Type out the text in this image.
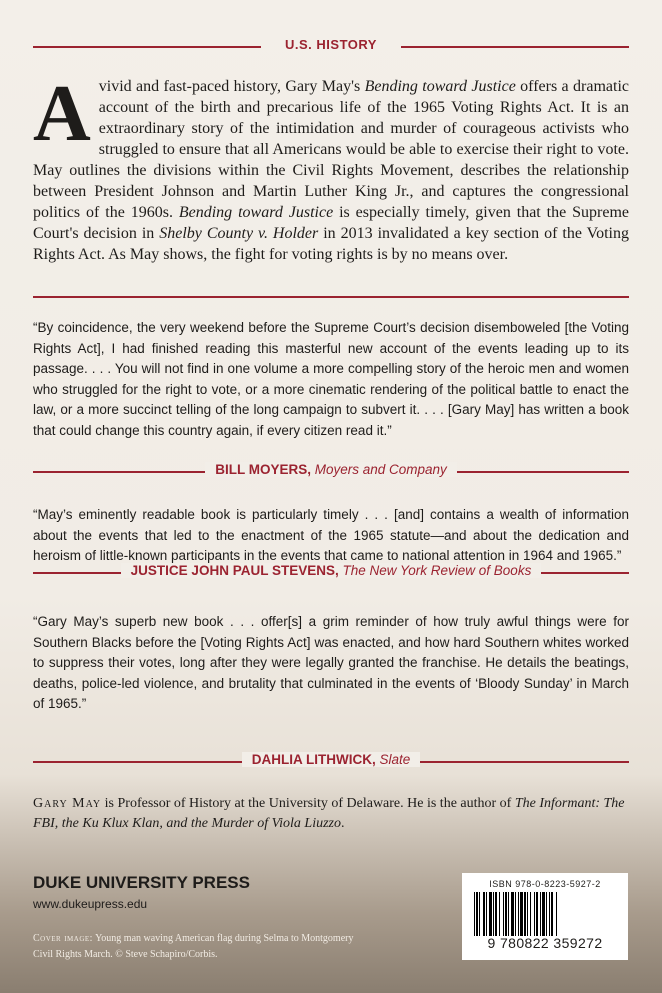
U.S. HISTORY
A vivid and fast-paced history, Gary May's Bending toward Justice offers a dramatic account of the birth and precarious life of the 1965 Voting Rights Act. It is an extraordinary story of the intimidation and murder of courageous activists who struggled to ensure that all Americans would be able to exercise their right to vote. May outlines the divisions within the Civil Rights Movement, describes the relationship between President Johnson and Martin Luther King Jr., and captures the congressional politics of the 1960s. Bending toward Justice is especially timely, given that the Supreme Court's decision in Shelby County v. Holder in 2013 invalidated a key section of the Voting Rights Act. As May shows, the fight for voting rights is by no means over.
“By coincidence, the very weekend before the Supreme Court’s decision disemboweled [the Voting Rights Act], I had finished reading this masterful new account of the events leading up to its passage. . . . You will not find in one volume a more compelling story of the heroic men and women who struggled for the right to vote, or a more cinematic rendering of the political battle to enact the law, or a more succinct telling of the long campaign to subvert it. . . . [Gary May] has written a book that could change this country again, if every citizen read it.”
BILL MOYERS, Moyers and Company
“May’s eminently readable book is particularly timely . . . [and] contains a wealth of information about the events that led to the enactment of the 1965 statute—and about the dedication and heroism of little-known participants in the events that came to national attention in 1964 and 1965.”
JUSTICE JOHN PAUL STEVENS, The New York Review of Books
“Gary May’s superb new book . . . offer[s] a grim reminder of how truly awful things were for Southern Blacks before the [Voting Rights Act] was enacted, and how hard Southern whites worked to suppress their votes, long after they were legally granted the franchise. He details the beatings, deaths, police-led violence, and brutality that culminated in the events of ‘Bloody Sunday’ in March of 1965.”
DAHLIA LITHWICK, Slate
Gary May is Professor of History at the University of Delaware. He is the author of The Informant: The FBI, the Ku Klux Klan, and the Murder of Viola Liuzzo.
DUKE UNIVERSITY PRESS
www.dukeupress.edu
Cover image: Young man waving American flag during Selma to Montgomery Civil Rights March. © Steve Schapiro/Corbis.
ISBN 978-0-8223-5927-2
9 780822 359272
